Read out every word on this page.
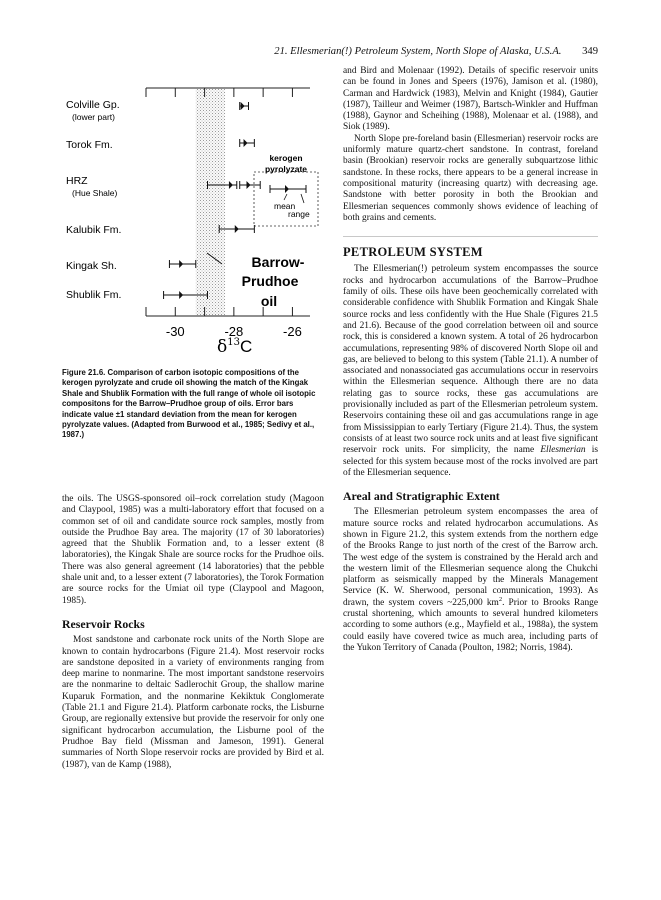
21. Ellesmerian(!) Petroleum System, North Slope of Alaska, U.S.A. 349
kerogen
pyrolyzate
mean
range
Barrow-
Prudhoe
oil
-30	-28	-26
$\delta^{13}C$
Colville Gp.
(lower part)
Torok Fm.
HRZ
(Hue Shale)
Kalubik Fm.
Kingak Sh.
Shublik Fm.
Figure 21.6. Comparison of carbon isotopic compositions of the kerogen pyrolyzate and crude oil showing the match of the Kingak Shale and Shublik Formation with the full range of whole oil isotopic compositons for the Barrow–Prudhoe group of oils. Error bars indicate value ±1 standard deviation from the mean for kerogen pyrolyzate values. (Adapted from Burwood et al., 1985; Sedivy et al., 1987.)

the oils. The USGS-sponsored oil–rock correlation study (Magoon and Claypool, 1985) was a multi-laboratory effort that focused on a common set of oil and candidate source rock samples, mostly from outside the Prudhoe Bay area. The majority (17 of 30 laboratories) agreed that the Shublik Formation and, to a lesser extent (8 laboratories), the Kingak Shale are source rocks for the Prudhoe oils. There was also general agreement (14 laboratories) that the pebble shale unit and, to a lesser extent (7 laboratories), the Torok Formation are source rocks for the Umiat oil type (Claypool and Magoon, 1985).

Reservoir Rocks

Most sandstone and carbonate rock units of the North Slope are known to contain hydrocarbons (Figure 21.4). Most reservoir rocks are sandstone deposited in a variety of environments ranging from deep marine to nonmarine. The most important sandstone reservoirs are the nonmarine to deltaic Sadlerochit Group, the shallow marine Kuparuk Formation, and the nonmarine Kekiktuk Conglomerate (Table 21.1 and Figure 21.4). Platform carbonate rocks, the Lisburne Group, are regionally extensive but provide the reservoir for only one significant hydrocarbon accumulation, the Lisburne pool of the Prudhoe Bay field (Missman and Jameson, 1991). General summaries of North Slope reservoir rocks are provided by Bird et al. (1987), van de Kamp (1988),

and Bird and Molenaar (1992). Details of specific reservoir units can be found in Jones and Speers (1976), Jamison et al. (1980), Carman and Hardwick (1983), Melvin and Knight (1984), Gautier (1987), Tailleur and Weimer (1987), Bartsch-Winkler and Huffman (1988), Gaynor and Scheihing (1988), Molenaar et al. (1988), and Siok (1989).

North Slope pre-foreland basin (Ellesmerian) reservoir rocks are uniformly mature quartz-chert sandstone. In contrast, foreland basin (Brookian) reservoir rocks are generally subquartzose lithic sandstone. In these rocks, there appears to be a general increase in compositional maturity (increasing quartz) with decreasing age. Sandstone with better porosity in both the Brookian and Ellesmerian sequences commonly shows evidence of leaching of both grains and cements.

PETROLEUM SYSTEM

The Ellesmerian(!) petroleum system encompasses the source rocks and hydrocarbon accumulations of the Barrow–Prudhoe family of oils. These oils have been geochemically correlated with considerable confidence with Shublik Formation and Kingak Shale source rocks and less confidently with the Hue Shale (Figures 21.5 and 21.6). Because of the good correlation between oil and source rock, this is considered a known system. A total of 26 hydrocarbon accumulations, representing 98% of discovered North Slope oil and gas, are believed to belong to this system (Table 21.1). A number of associated and nonassociated gas accumulations occur in reservoirs within the Ellesmerian sequence. Although there are no data relating gas to source rocks, these gas accumulations are provisionally included as part of the Ellesmerian petroleum system. Reservoirs containing these oil and gas accumulations range in age from Mississippian to early Tertiary (Figure 21.4). Thus, the system consists of at least two source rock units and at least five significant reservoir rock units. For simplicity, the name Ellesmerian is selected for this system because most of the rocks involved are part of the Ellesmerian sequence.

Areal and Stratigraphic Extent

The Ellesmerian petroleum system encompasses the area of mature source rocks and related hydrocarbon accumulations. As shown in Figure 21.2, this system extends from the northern edge of the Brooks Range to just north of the crest of the Barrow arch. The west edge of the system is constrained by the Herald arch and the western limit of the Ellesmerian sequence along the Chukchi platform as seismically mapped by the Minerals Management Service (K. W. Sherwood, personal communication, 1993). As drawn, the system covers ~225,000 $km^2$. Prior to Brooks Range crustal shortening, which amounts to several hundred kilometers according to some authors (e.g., Mayfield et al., 1988a), the system could easily have covered twice as much area, including parts of the Yukon Territory of Canada (Poulton, 1982; Norris, 1984).
